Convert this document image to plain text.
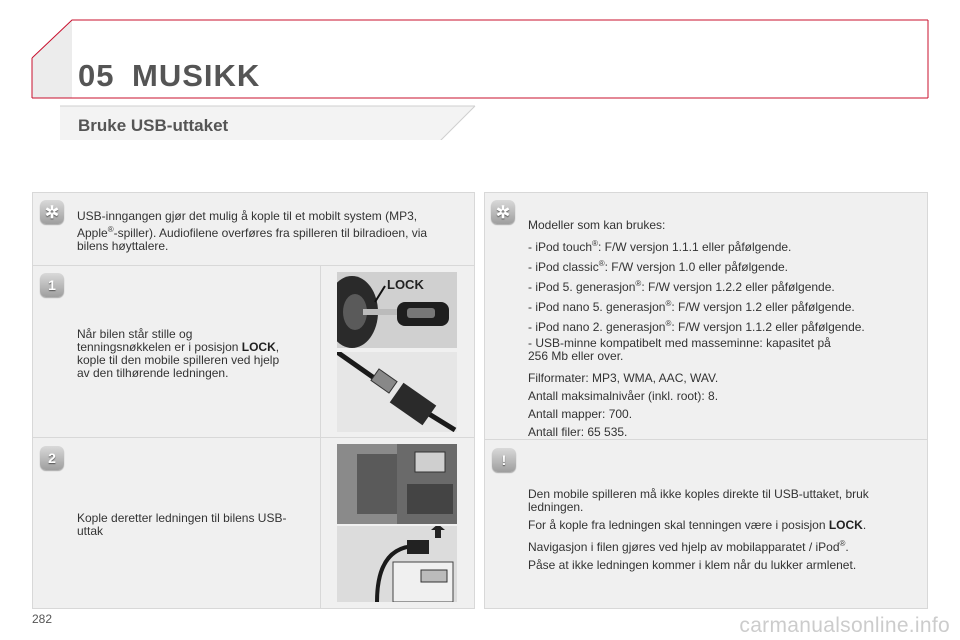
05 MUSIKK
Bruke USB-uttaket
✲ USB-inngangen gjør det mulig å kople til et mobilt system (MP3,
Apple®-spiller). Audiofilene overføres fra spilleren til bilradioen, via
bilens høyttalere.
1
Når bilen står stille og
tenningsnøkkelen er i posisjon LOCK,
kople til den mobile spilleren ved hjelp
av den tilhørende ledningen.
LOCK
2
Kople deretter ledningen til bilens USB-
uttak
✲

Modeller som kan brukes:

- iPod touch®: F/W versjon 1.1.1 eller påfølgende.
- iPod classic®: F/W versjon 1.0 eller påfølgende.
- iPod 5. generasjon®: F/W versjon 1.2.2 eller påfølgende.
- iPod nano 5. generasjon®: F/W versjon 1.2 eller påfølgende.
- iPod nano 2. generasjon®: F/W versjon 1.1.2 eller påfølgende.
- USB-minne kompatibelt med masseminne: kapasitet på

256 Mb eller over.

Filformater: MP3, WMA, AAC, WAV.

Antall maksimalnivåer (inkl. root): 8.

Antall mapper: 700.

Antall filer: 65 535.

!
Den mobile spilleren må ikke koples direkte til USB-uttaket, bruk

ledningen.

For å kople fra ledningen skal tenningen være i posisjon LOCK.

Navigasjon i filen gjøres ved hjelp av mobilapparatet / iPod®.

Påse at ikke ledningen kommer i klem når du lukker armlenet.

282	carmanualsonline.info
